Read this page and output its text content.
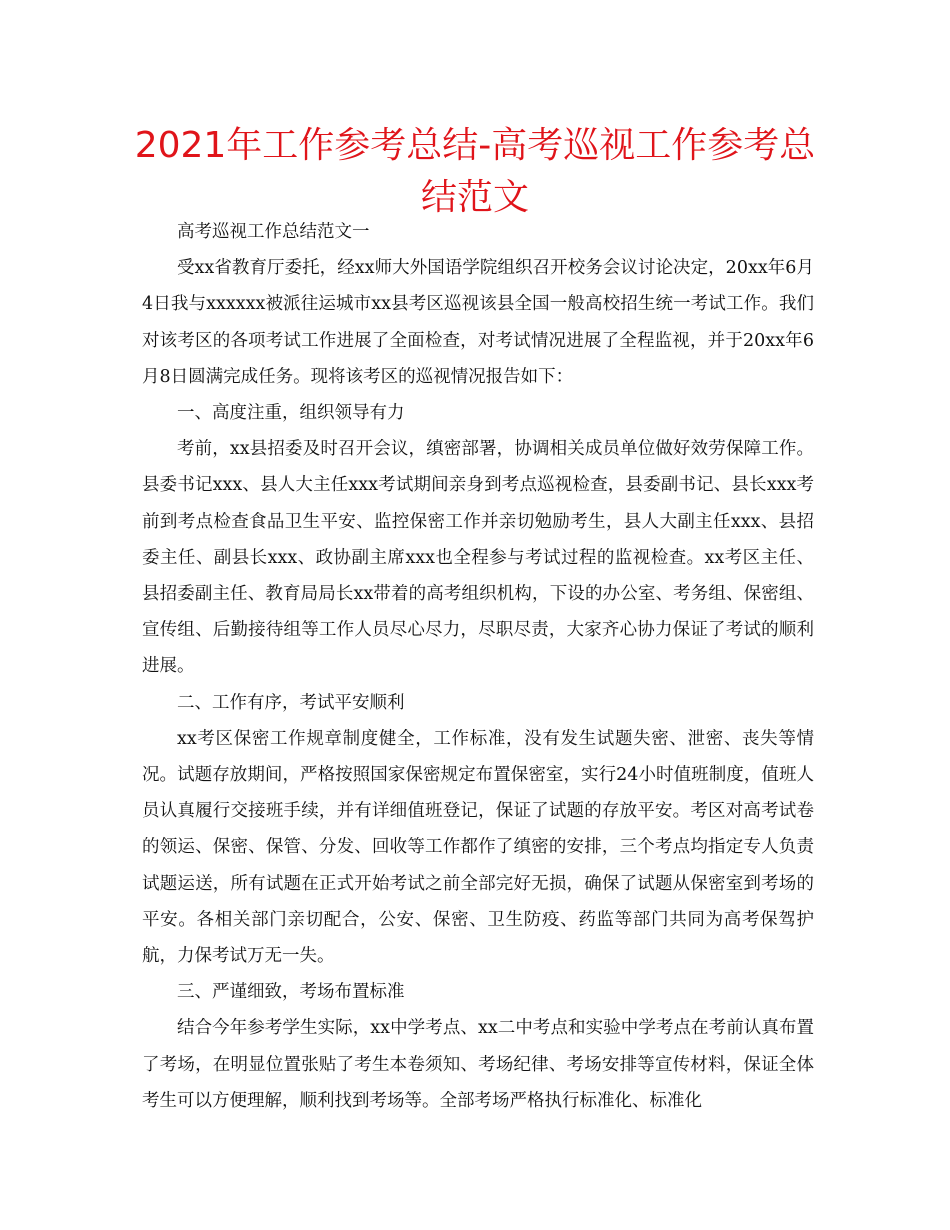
2021年工作参考总结-高考巡视工作参考总结范文

高考巡视工作总结范文一

受xx省教育厅委托，经xx师大外国语学院组织召开校务会议讨论决定，20xx年6月4日我与xxxxxx被派往运城市xx县考区巡视该县全国一般高校招生统一考试工作。我们对该考区的各项考试工作进展了全面检查，对考试情况进展了全程监视，并于20xx年6月8日圆满完成任务。现将该考区的巡视情况报告如下：

一、高度注重，组织领导有力

考前，xx县招委及时召开会议，缜密部署，协调相关成员单位做好效劳保障工作。县委书记xxx、县人大主任xxx考试期间亲身到考点巡视检查，县委副书记、县长xxx考前到考点检查食品卫生平安、监控保密工作并亲切勉励考生，县人大副主任xxx、县招委主任、副县长xxx、政协副主席xxx也全程参与考试过程的监视检查。xx考区主任、县招委副主任、教育局局长xx带着的高考组织机构，下设的办公室、考务组、保密组、宣传组、后勤接待组等工作人员尽心尽力，尽职尽责，大家齐心协力保证了考试的顺利进展。

二、工作有序，考试平安顺利

xx考区保密工作规章制度健全，工作标准，没有发生试题失密、泄密、丧失等情况。试题存放期间，严格按照国家保密规定布置保密室，实行24小时值班制度，值班人员认真履行交接班手续，并有详细值班登记，保证了试题的存放平安。考区对高考试卷的领运、保密、保管、分发、回收等工作都作了缜密的安排，三个考点均指定专人负责试题运送，所有试题在正式开始考试之前全部完好无损，确保了试题从保密室到考场的平安。各相关部门亲切配合，公安、保密、卫生防疫、药监等部门共同为高考保驾护航，力保考试万无一失。

三、严谨细致，考场布置标准

结合今年参考学生实际，xx中学考点、xx二中考点和实验中学考点在考前认真布置了考场，在明显位置张贴了考生本卷须知、考场纪律、考场安排等宣传材料，保证全体考生可以方便理解，顺利找到考场等。全部考场严格执行标准化、标准化
